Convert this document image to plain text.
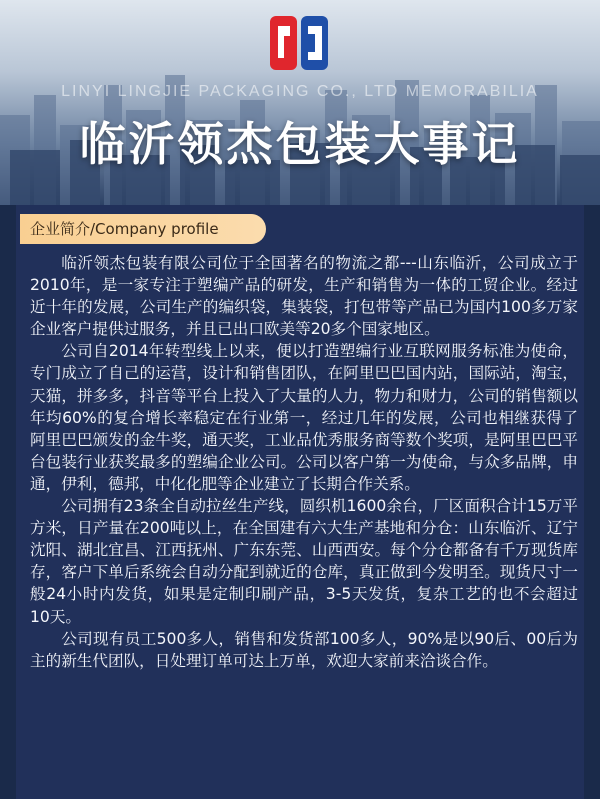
LINYI LINGJIE PACKAGING CO., LTD MEMORABILIA
临沂领杰包装大事记
企业简介/Company profile

临沂领杰包装有限公司位于全国著名的物流之都---山东临沂，公司成立于2010年，是一家专注于塑编产品的研发，生产和销售为一体的工贸企业。经过近十年的发展，公司生产的编织袋，集装袋，打包带等产品已为国内100多万家企业客户提供过服务，并且已出口欧美等20多个国家地区。

公司自2014年转型线上以来，便以打造塑编行业互联网服务标准为使命，专门成立了自己的运营，设计和销售团队，在阿里巴巴国内站，国际站，淘宝，天猫，拼多多，抖音等平台上投入了大量的人力，物力和财力，公司的销售额以年均60%的复合增长率稳定在行业第一，经过几年的发展，公司也相继获得了阿里巴巴颁发的金牛奖，通天奖，工业品优秀服务商等数个奖项，是阿里巴巴平台包装行业获奖最多的塑编企业公司。公司以客户第一为使命，与众多品牌，申通，伊利，德邦，中化化肥等企业建立了长期合作关系。

公司拥有23条全自动拉丝生产线，圆织机1600余台，厂区面积合计15万平方米，日产量在200吨以上，在全国建有六大生产基地和分仓：山东临沂、辽宁沈阳、湖北宜昌、江西抚州、广东东莞、山西西安。每个分仓都备有千万现货库存，客户下单后系统会自动分配到就近的仓库，真正做到今发明至。现货尺寸一般24小时内发货，如果是定制印刷产品，3-5天发货，复杂工艺的也不会超过10天。

公司现有员工500多人，销售和发货部100多人，90%是以90后、00后为主的新生代团队，日处理订单可达上万单，欢迎大家前来洽谈合作。
